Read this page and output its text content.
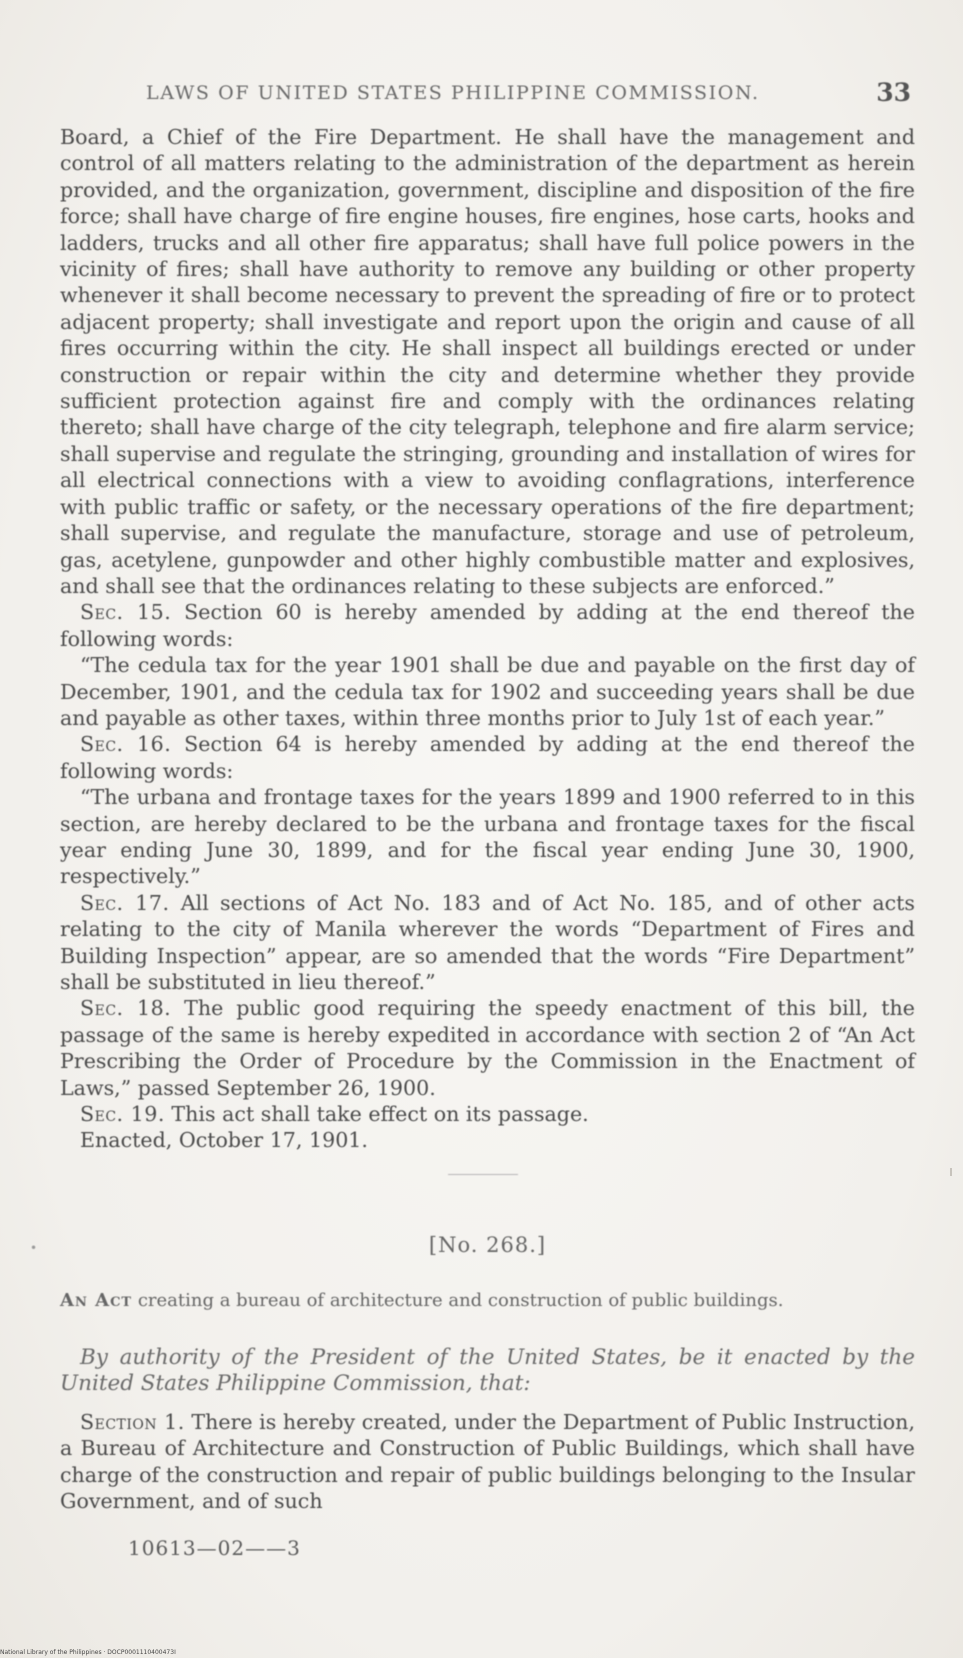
LAWS OF UNITED STATES PHILIPPINE COMMISSION.	33

Board, a Chief of the Fire Department. He shall have the management and control of all matters relating to the administration of the department as herein provided, and the organization, government, discipline and disposition of the fire force; shall have charge of fire engine houses, fire engines, hose carts, hooks and ladders, trucks and all other fire apparatus; shall have full police powers in the vicinity of fires; shall have authority to remove any building or other property whenever it shall become necessary to prevent the spreading of fire or to protect adjacent property; shall investigate and report upon the origin and cause of all fires occurring within the city. He shall inspect all buildings erected or under construction or repair within the city and determine whether they provide sufficient protection against fire and comply with the ordinances relating thereto; shall have charge of the city telegraph, telephone and fire alarm service; shall supervise and regulate the stringing, grounding and installation of wires for all electrical connections with a view to avoiding conflagrations, interference with public traffic or safety, or the necessary operations of the fire department; shall supervise, and regulate the manufacture, storage and use of petroleum, gas, acetylene, gunpowder and other highly combustible matter and explosives, and shall see that the ordinances relating to these subjects are enforced.”

Sec. 15. Section 60 is hereby amended by adding at the end thereof the following words:

“The cedula tax for the year 1901 shall be due and payable on the first day of December, 1901, and the cedula tax for 1902 and succeeding years shall be due and payable as other taxes, within three months prior to July 1st of each year.”

Sec. 16. Section 64 is hereby amended by adding at the end thereof the following words:

“The urbana and frontage taxes for the years 1899 and 1900 referred to in this section, are hereby declared to be the urbana and frontage taxes for the fiscal year ending June 30, 1899, and for the fiscal year ending June 30, 1900, respectively.”

Sec. 17. All sections of Act No. 183 and of Act No. 185, and of other acts relating to the city of Manila wherever the words “Department of Fires and Building Inspection” appear, are so amended that the words “Fire Department” shall be substituted in lieu thereof.”

Sec. 18. The public good requiring the speedy enactment of this bill, the passage of the same is hereby expedited in accordance with section 2 of “An Act Prescribing the Order of Procedure by the Commission in the Enactment of Laws,” passed September 26, 1900.

Sec. 19. This act shall take effect on its passage.

Enacted, October 17, 1901.

•	[No. 268.]
An Act creating a bureau of architecture and construction of public buildings.

By authority of the President of the United States, be it enacted by the United States Philippine Commission, that:

Section 1. There is hereby created, under the Department of Public Instruction, a Bureau of Architecture and Construction of Public Buildings, which shall have charge of the construction and repair of public buildings belonging to the Insular Government, and of such

10613—02——3
National Library of the Philippines · DOCP0001110400473I
